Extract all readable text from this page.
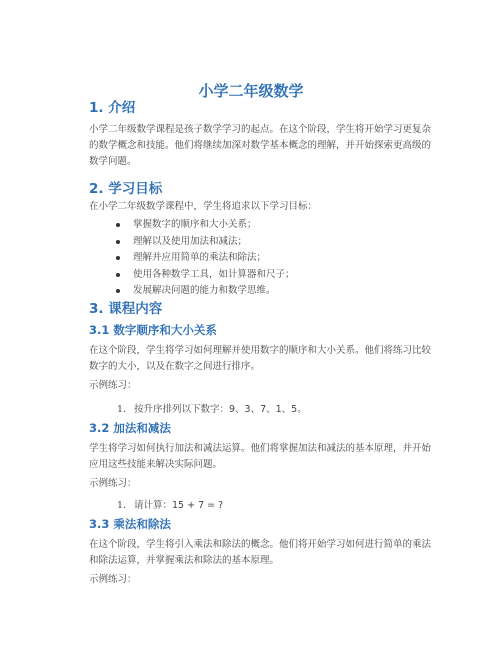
小学二年级数学
1. 介绍
小学二年级数学课程是孩子数学学习的起点。在这个阶段，学生将开始学习更复杂的数学概念和技能。他们将继续加深对数学基本概念的理解，并开始探索更高级的数学问题。
2. 学习目标
在小学二年级数学课程中，学生将追求以下学习目标：
掌握数字的顺序和大小关系；
理解以及使用加法和减法；
理解并应用简单的乘法和除法；
使用各种数学工具，如计算器和尺子；
发展解决问题的能力和数学思维。
3. 课程内容
3.1 数字顺序和大小关系
在这个阶段，学生将学习如何理解并使用数字的顺序和大小关系。他们将练习比较数字的大小，以及在数字之间进行排序。
示例练习：
1. 按升序排列以下数字：9、3、7、1、5。
3.2 加法和减法
学生将学习如何执行加法和减法运算。他们将掌握加法和减法的基本原理，并开始应用这些技能来解决实际问题。
示例练习：
1. 请计算：15 + 7 = ?
3.3 乘法和除法
在这个阶段，学生将引入乘法和除法的概念。他们将开始学习如何进行简单的乘法和除法运算，并掌握乘法和除法的基本原理。
示例练习：
